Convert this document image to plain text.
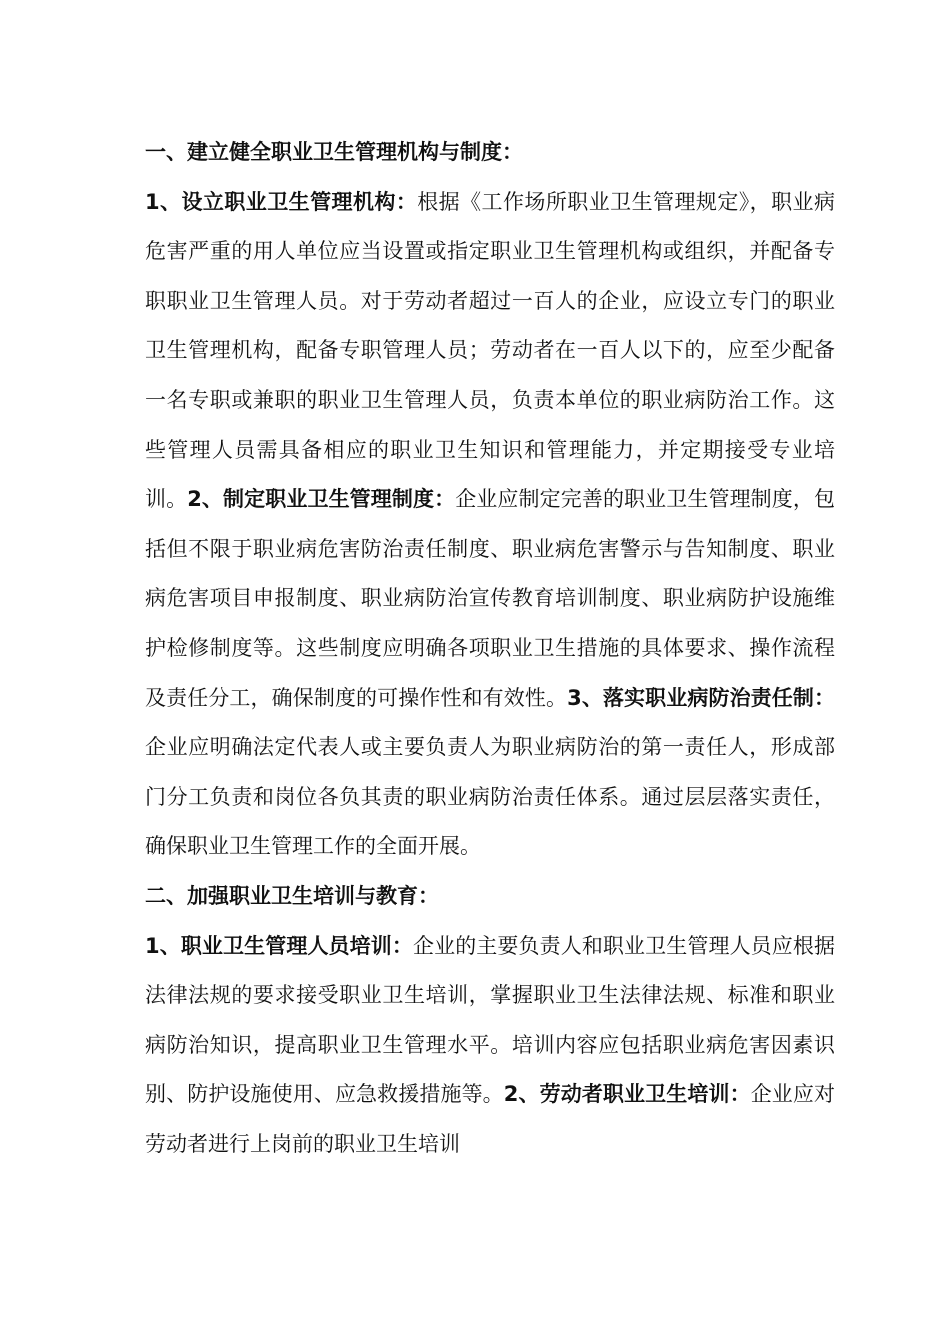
一、建立健全职业卫生管理机构与制度：

1、设立职业卫生管理机构：根据《工作场所职业卫生管理规定》，职业病危害严重的用人单位应当设置或指定职业卫生管理机构或组织，并配备专职职业卫生管理人员。对于劳动者超过一百人的企业，应设立专门的职业卫生管理机构，配备专职管理人员；劳动者在一百人以下的，应至少配备一名专职或兼职的职业卫生管理人员，负责本单位的职业病防治工作。这些管理人员需具备相应的职业卫生知识和管理能力，并定期接受专业培训。2、制定职业卫生管理制度：企业应制定完善的职业卫生管理制度，包括但不限于职业病危害防治责任制度、职业病危害警示与告知制度、职业病危害项目申报制度、职业病防治宣传教育培训制度、职业病防护设施维护检修制度等。这些制度应明确各项职业卫生措施的具体要求、操作流程及责任分工，确保制度的可操作性和有效性。3、落实职业病防治责任制：企业应明确法定代表人或主要负责人为职业病防治的第一责任人，形成部门分工负责和岗位各负其责的职业病防治责任体系。通过层层落实责任，确保职业卫生管理工作的全面开展。

二、加强职业卫生培训与教育：

1、职业卫生管理人员培训：企业的主要负责人和职业卫生管理人员应根据法律法规的要求接受职业卫生培训，掌握职业卫生法律法规、标准和职业病防治知识，提高职业卫生管理水平。培训内容应包括职业病危害因素识别、防护设施使用、应急救援措施等。2、劳动者职业卫生培训：企业应对劳动者进行上岗前的职业卫生培训
